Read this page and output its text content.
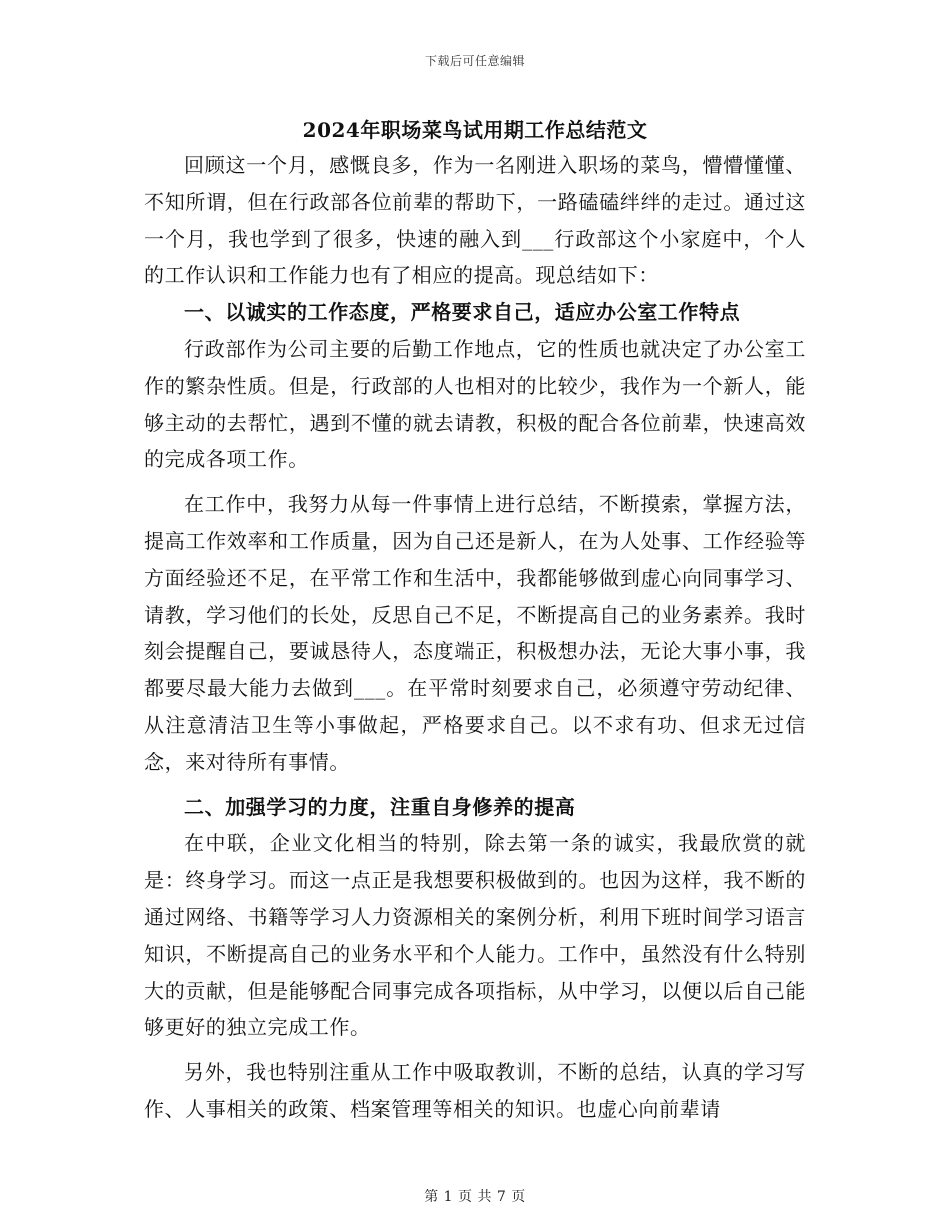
下载后可任意编辑
2024年职场菜鸟试用期工作总结范文

回顾这一个月，感慨良多，作为一名刚进入职场的菜鸟，懵懵懂懂、不知所谓，但在行政部各位前辈的帮助下，一路磕磕绊绊的走过。通过这一个月，我也学到了很多，快速的融入到___行政部这个小家庭中，个人的工作认识和工作能力也有了相应的提高。现总结如下：

一、以诚实的工作态度，严格要求自己，适应办公室工作特点

行政部作为公司主要的后勤工作地点，它的性质也就决定了办公室工作的繁杂性质。但是，行政部的人也相对的比较少，我作为一个新人，能够主动的去帮忙，遇到不懂的就去请教，积极的配合各位前辈，快速高效的完成各项工作。

在工作中，我努力从每一件事情上进行总结，不断摸索，掌握方法，提高工作效率和工作质量，因为自己还是新人，在为人处事、工作经验等方面经验还不足，在平常工作和生活中，我都能够做到虚心向同事学习、请教，学习他们的长处，反思自己不足，不断提高自己的业务素养。我时刻会提醒自己，要诚恳待人，态度端正，积极想办法，无论大事小事，我都要尽最大能力去做到___。在平常时刻要求自己，必须遵守劳动纪律、从注意清洁卫生等小事做起，严格要求自己。以不求有功、但求无过信念，来对待所有事情。

二、加强学习的力度，注重自身修养的提高

在中联，企业文化相当的特别，除去第一条的诚实，我最欣赏的就是：终身学习。而这一点正是我想要积极做到的。也因为这样，我不断的通过网络、书籍等学习人力资源相关的案例分析，利用下班时间学习语言知识，不断提高自己的业务水平和个人能力。工作中，虽然没有什么特别大的贡献，但是能够配合同事完成各项指标，从中学习，以便以后自己能够更好的独立完成工作。

另外，我也特别注重从工作中吸取教训，不断的总结，认真的学习写作、人事相关的政策、档案管理等相关的知识。也虚心向前辈请

第 1 页 共 7 页
